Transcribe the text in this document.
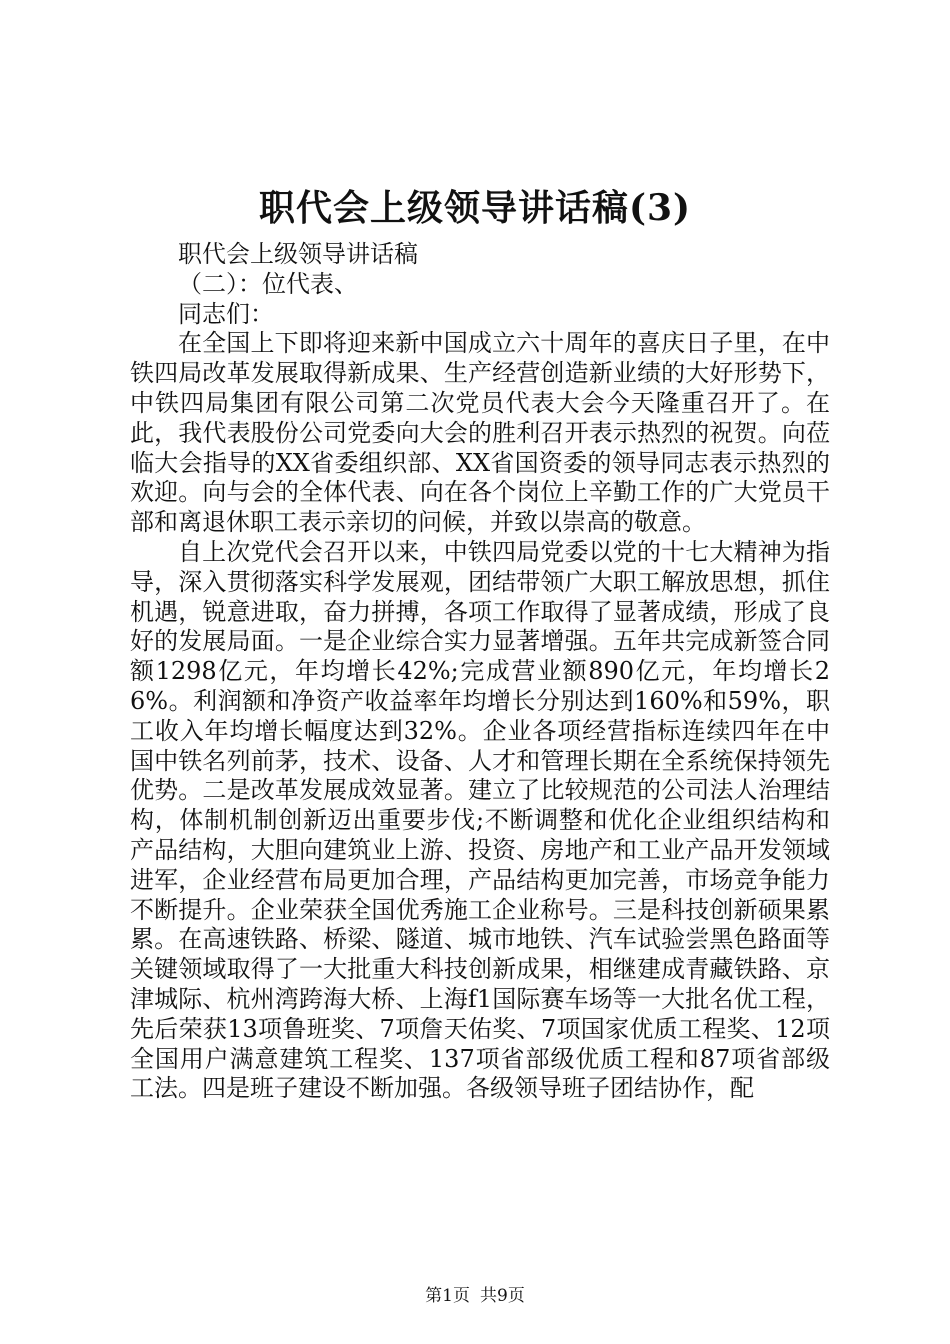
职代会上级领导讲话稿(3)
职代会上级领导讲话稿
（二）：位代表、
同志们：

在全国上下即将迎来新中国成立六十周年的喜庆日子里，在中铁四局改革发展取得新成果、生产经营创造新业绩的大好形势下，中铁四局集团有限公司第二次党员代表大会今天隆重召开了。在此，我代表股份公司党委向大会的胜利召开表示热烈的祝贺。向莅临大会指导的XX省委组织部、XX省国资委的领导同志表示热烈的欢迎。向与会的全体代表、向在各个岗位上辛勤工作的广大党员干部和离退休职工表示亲切的问候，并致以崇高的敬意。

自上次党代会召开以来，中铁四局党委以党的十七大精神为指导，深入贯彻落实科学发展观，团结带领广大职工解放思想，抓住机遇，锐意进取，奋力拼搏，各项工作取得了显著成绩，形成了良好的发展局面。一是企业综合实力显著增强。五年共完成新签合同额1298亿元，年均增长42%;完成营业额890亿元，年均增长26%。利润额和净资产收益率年均增长分别达到160%和59%，职工收入年均增长幅度达到32%。企业各项经营指标连续四年在中国中铁名列前茅，技术、设备、人才和管理长期在全系统保持领先优势。二是改革发展成效显著。建立了比较规范的公司法人治理结构，体制机制创新迈出重要步伐;不断调整和优化企业组织结构和产品结构，大胆向建筑业上游、投资、房地产和工业产品开发领域进军，企业经营布局更加合理，产品结构更加完善，市场竞争能力不断提升。企业荣获全国优秀施工企业称号。三是科技创新硕果累累。在高速铁路、桥梁、隧道、城市地铁、汽车试验尝黑色路面等关键领域取得了一大批重大科技创新成果，相继建成青藏铁路、京津城际、杭州湾跨海大桥、上海f1国际赛车场等一大批名优工程，先后荣获13项鲁班奖、7项詹天佑奖、7项国家优质工程奖、12项全国用户满意建筑工程奖、137项省部级优质工程和87项省部级工法。四是班子建设不断加强。各级领导班子团结协作，配

第1页 共9页
